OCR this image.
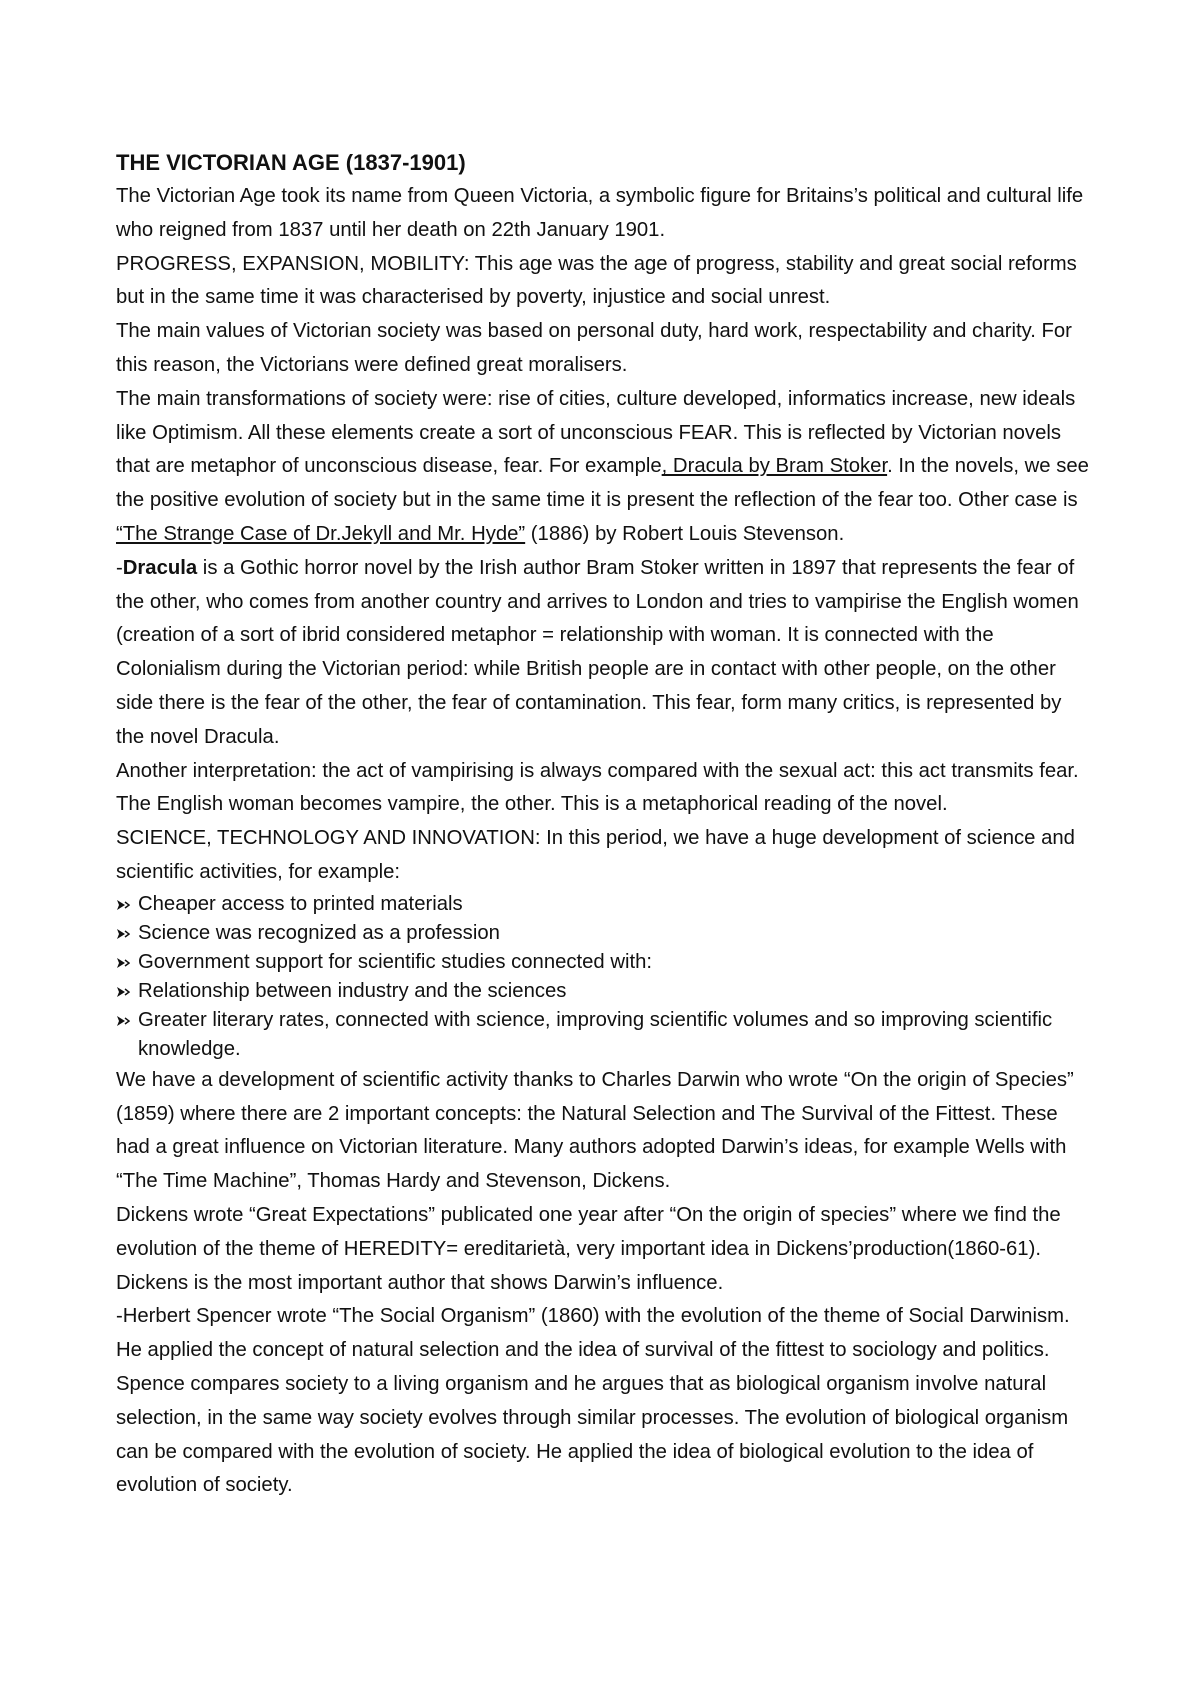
THE VICTORIAN AGE (1837-1901)

The Victorian Age took its name from Queen Victoria, a symbolic figure for Britains’s political and cultural life who reigned from 1837 until her death on 22th January 1901.

PROGRESS, EXPANSION, MOBILITY: This age was the age of progress, stability and great social reforms but in the same time it was characterised by poverty, injustice and social unrest.

The main values of Victorian society was based on personal duty, hard work, respectability and charity. For this reason, the Victorians were defined great moralisers.

The main transformations of society were: rise of cities, culture developed, informatics increase, new ideals like Optimism. All these elements create a sort of unconscious FEAR. This is reflected by Victorian novels that are metaphor of unconscious disease, fear. For example, Dracula by Bram Stoker. In the novels, we see the positive evolution of society but in the same time it is present the reflection of the fear too. Other case is “The Strange Case of Dr.Jekyll and Mr. Hyde” (1886) by Robert Louis Stevenson.

-Dracula is a Gothic horror novel by the Irish author Bram Stoker written in 1897 that represents the fear of the other, who comes from another country and arrives to London and tries to vampirise the English women (creation of a sort of ibrid considered metaphor = relationship with woman. It is connected with the Colonialism during the Victorian period: while British people are in contact with other people, on the other side there is the fear of the other, the fear of contamination. This fear, form many critics, is represented by the novel Dracula.

Another interpretation: the act of vampirising is always compared with the sexual act: this act transmits fear. The English woman becomes vampire, the other. This is a metaphorical reading of the novel.

SCIENCE, TECHNOLOGY AND INNOVATION: In this period, we have a huge development of science and scientific activities, for example:

Cheaper access to printed materials
Science was recognized as a profession
Government support for scientific studies connected with:
Relationship between industry and the sciences
Greater literary rates, connected with science, improving scientific volumes and so improving scientific knowledge.

We have a development of scientific activity thanks to Charles Darwin who wrote “On the origin of Species” (1859) where there are 2 important concepts: the Natural Selection and The Survival of the Fittest. These had a great influence on Victorian literature. Many authors adopted Darwin’s ideas, for example Wells with “The Time Machine”, Thomas Hardy and Stevenson, Dickens.

Dickens wrote “Great Expectations” publicated one year after “On the origin of species” where we find the evolution of the theme of HEREDITY= ereditarietà, very important idea in Dickens’production(1860-61). Dickens is the most important author that shows Darwin’s influence.

-Herbert Spencer wrote “The Social Organism” (1860) with the evolution of the theme of Social Darwinism. He applied the concept of natural selection and the idea of survival of the fittest to sociology and politics. Spence compares society to a living organism and he argues that as biological organism involve natural selection, in the same way society evolves through similar processes. The evolution of biological organism can be compared with the evolution of society. He applied the idea of biological evolution to the idea of evolution of society.
